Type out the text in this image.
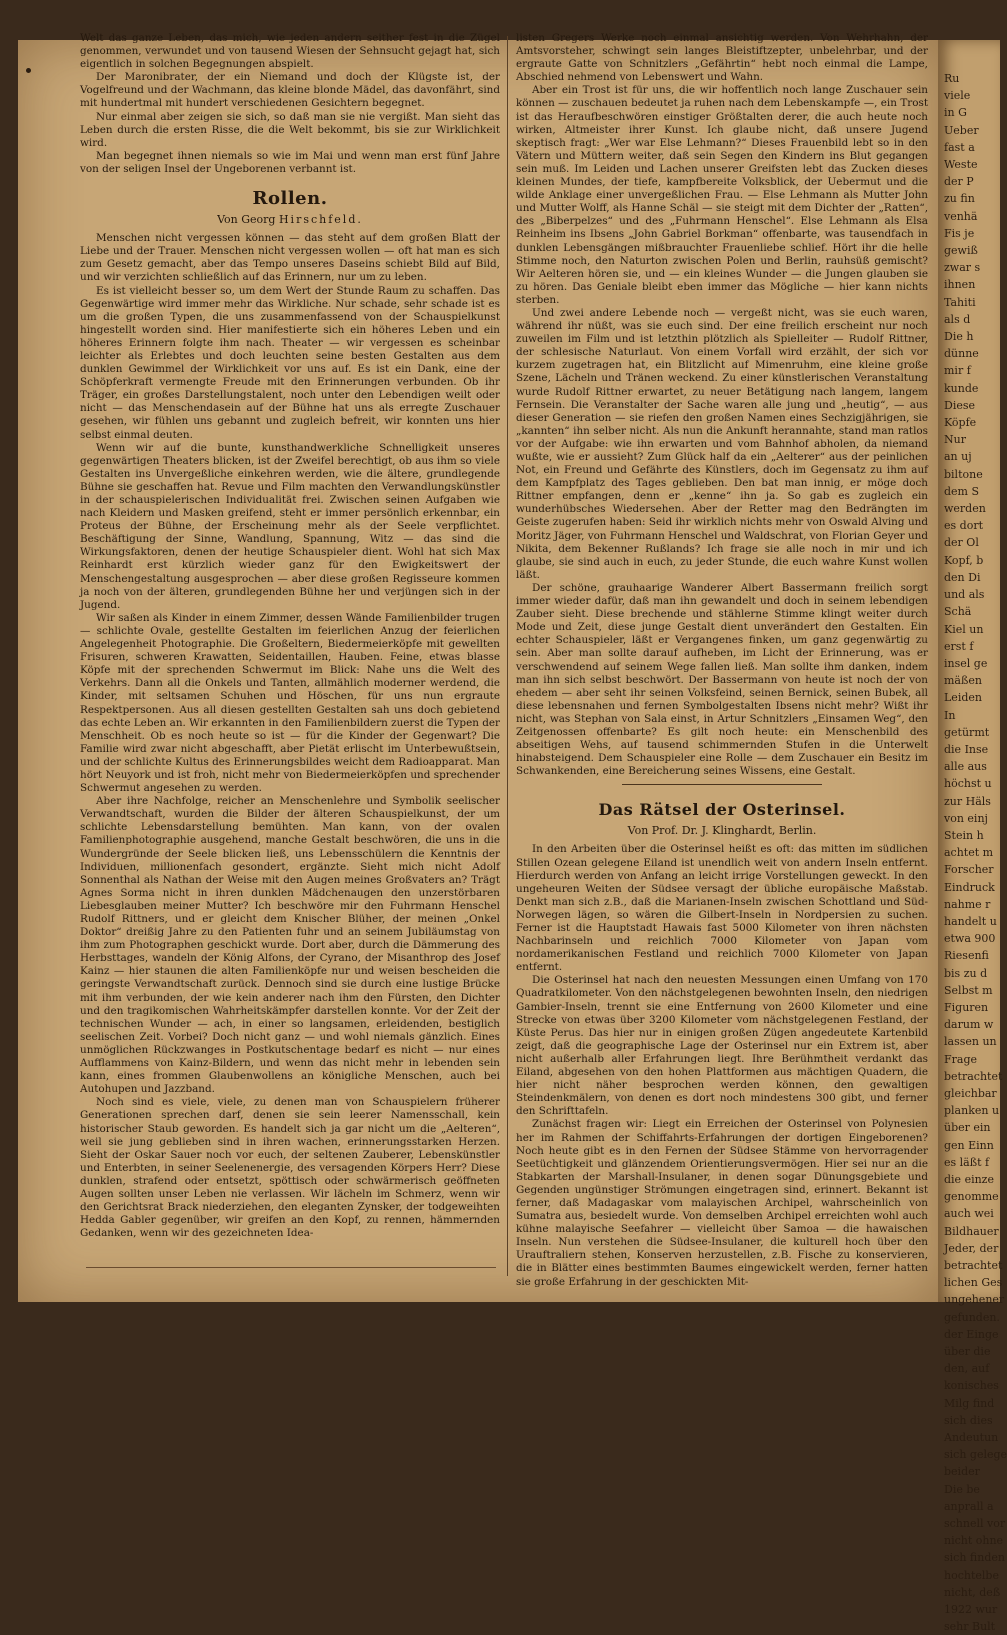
Ru
viele
in G
Ueber
fast a
Weste
der P
zu fin
venhä
Fis je
gewiß
zwar s
ihnen
Tahiti
als d
Die h
dünne
mir f
kunde
Diese
Köpfe
Nur
an uj
biltone
dem S
werden
es dort
der Ol
Kopf, b
den Di
und als
Schä
Kiel un
erst f
insel ge
mäßen
Leiden
In
getürmt
die Inse
alle aus
höchst u
zur Häls
von einj
Stein h
achtet m
Forscher
Eindruck
nahme r
handelt u
etwa 900
Riesenfi
bis zu d
Selbst m
Figuren
darum w
lassen un
Frage
betrachtet
gleichbar
planken u
über ein
gen Einn
es läßt f
die einze
genomme
auch wei
Bildhauer
Jeder, der
betrachtet
lichen Ges
ungehener
gefunden.
der Einge
über die
den, auf
konisches
Milg find
sich dies
Andeutun
sich gelege
beider
Die be
anprall a
schnell vor
nicht ohne
sich finden
hochtelbe
nicht, deß
1922 wur
sehr Bult

Welt das ganze Leben, das mich, wie jeden andern seither fest in die Zügel genommen, verwundet und von tausend Wiesen der Sehnsucht gejagt hat, sich eigentlich in solchen Begegnungen abspielt.

Der Maronibrater, der ein Niemand und doch der Klügste ist, der Vogelfreund und der Wachmann, das kleine blonde Mädel, das davonfährt, sind mit hundertmal mit hundert verschiedenen Gesichtern begegnet.

Nur einmal aber zeigen sie sich, so daß man sie nie vergißt. Man sieht das Leben durch die ersten Risse, die die Welt bekommt, bis sie zur Wirklichkeit wird.

Man begegnet ihnen niemals so wie im Mai und wenn man erst fünf Jahre von der seligen Insel der Ungeborenen verbannt ist.

Rollen.
Von Georg Hirschfeld.

Menschen nicht vergessen können — das steht auf dem großen Blatt der Liebe und der Trauer. Menschen nicht vergessen wollen — oft hat man es sich zum Gesetz gemacht, aber das Tempo unseres Daseins schiebt Bild auf Bild, und wir verzichten schließlich auf das Erinnern, nur um zu leben.

Es ist vielleicht besser so, um dem Wert der Stunde Raum zu schaffen. Das Gegenwärtige wird immer mehr das Wirkliche. Nur schade, sehr schade ist es um die großen Typen, die uns zusammenfassend von der Schauspielkunst hingestellt worden sind. Hier manifestierte sich ein höheres Leben und ein höheres Erinnern folgte ihm nach. Theater — wir vergessen es scheinbar leichter als Erlebtes und doch leuchten seine besten Gestalten aus dem dunklen Gewimmel der Wirklichkeit vor uns auf. Es ist ein Dank, eine der Schöpferkraft vermengte Freude mit den Erinnerungen verbunden. Ob ihr Träger, ein großes Darstellungstalent, noch unter den Lebendigen weilt oder nicht — das Menschendasein auf der Bühne hat uns als erregte Zuschauer gesehen, wir fühlen uns gebannt und zugleich befreit, wir konnten uns hier selbst einmal deuten.

Wenn wir auf die bunte, kunsthandwerkliche Schnelligkeit unseres gegenwärtigen Theaters blicken, ist der Zweifel berechtigt, ob aus ihm so viele Gestalten ins Unvergeßliche einkehren werden, wie die ältere, grundlegende Bühne sie geschaffen hat. Revue und Film machten den Verwandlungskünstler in der schauspielerischen Individualität frei. Zwischen seinen Aufgaben wie nach Kleidern und Masken greifend, steht er immer persönlich erkennbar, ein Proteus der Bühne, der Erscheinung mehr als der Seele verpflichtet. Beschäftigung der Sinne, Wandlung, Spannung, Witz — das sind die Wirkungsfaktoren, denen der heutige Schauspieler dient. Wohl hat sich Max Reinhardt erst kürzlich wieder ganz für den Ewigkeitswert der Menschengestaltung ausgesprochen — aber diese großen Regisseure kommen ja noch von der älteren, grundlegenden Bühne her und verjüngen sich in der Jugend.

Wir saßen als Kinder in einem Zimmer, dessen Wände Familienbilder trugen — schlichte Ovale, gestellte Gestalten im feierlichen Anzug der feierlichen Angelegenheit Photographie. Die Großeltern, Biedermeierköpfe mit gewellten Frisuren, schweren Krawatten, Seidentaillen, Hauben. Feine, etwas blasse Köpfe mit der sprechenden Schwermut im Blick: Nahe uns die Welt des Verkehrs. Dann all die Onkels und Tanten, allmählich moderner werdend, die Kinder, mit seltsamen Schuhen und Höschen, für uns nun ergraute Respektpersonen. Aus all diesen gestellten Gestalten sah uns doch gebietend das echte Leben an. Wir erkannten in den Familienbildern zuerst die Typen der Menschheit. Ob es noch heute so ist — für die Kinder der Gegenwart? Die Familie wird zwar nicht abgeschafft, aber Pietät erlischt im Unterbewußtsein, und der schlichte Kultus des Erinnerungsbildes weicht dem Radioapparat. Man hört Neuyork und ist froh, nicht mehr von Biedermeierköpfen und sprechender Schwermut angesehen zu werden.

Aber ihre Nachfolge, reicher an Menschenlehre und Symbolik seelischer Verwandtschaft, wurden die Bilder der älteren Schauspielkunst, der um schlichte Lebensdarstellung bemühten. Man kann, von der ovalen Familienphotographie ausgehend, manche Gestalt beschwören, die uns in die Wundergründe der Seele blicken ließ, uns Lebensschülern die Kenntnis der Individuen, millionenfach gesondert, ergänzte. Sieht mich nicht Adolf Sonnenthal als Nathan der Weise mit den Augen meines Großvaters an? Trägt Agnes Sorma nicht in ihren dunklen Mädchenaugen den unzerstörbaren Liebesglauben meiner Mutter? Ich beschwöre mir den Fuhrmann Henschel Rudolf Rittners, und er gleicht dem Knischer Blüher, der meinen „Onkel Doktor“ dreißig Jahre zu den Patienten fuhr und an seinem Jubiläumstag von ihm zum Photographen geschickt wurde. Dort aber, durch die Dämmerung des Herbsttages, wandeln der König Alfons, der Cyrano, der Misanthrop des Josef Kainz — hier staunen die alten Familienköpfe nur und weisen bescheiden die geringste Verwandtschaft zurück. Dennoch sind sie durch eine lustige Brücke mit ihm verbunden, der wie kein anderer nach ihm den Fürsten, den Dichter und den tragikomischen Wahrheitskämpfer darstellen konnte. Vor der Zeit der technischen Wunder — ach, in einer so langsamen, erleidenden, bestiglich seelischen Zeit. Vorbei? Doch nicht ganz — und wohl niemals gänzlich. Eines unmöglichen Rückzwanges in Postkutschentage bedarf es nicht — nur eines Aufflammens von Kainz-Bildern, und wenn das nicht mehr in lebenden sein kann, eines frommen Glaubenwollens an königliche Menschen, auch bei Autohupen und Jazzband.

Noch sind es viele, viele, zu denen man von Schauspielern früherer Generationen sprechen darf, denen sie sein leerer Namensschall, kein historischer Staub geworden. Es handelt sich ja gar nicht um die „Aelteren“, weil sie jung geblieben sind in ihren wachen, erinnerungsstarken Herzen. Sieht der Oskar Sauer noch vor euch, der seltenen Zauberer, Lebenskünstler und Enterbten, in seiner Seelenenergie, des versagenden Körpers Herr? Diese dunklen, strafend oder entsetzt, spöttisch oder schwärmerisch geöffneten Augen sollten unser Leben nie verlassen. Wir lächeln im Schmerz, wenn wir den Gerichtsrat Brack niederziehen, den eleganten Zynsker, der todgeweihten Hedda Gabler gegenüber, wir greifen an den Kopf, zu rennen, hämmernden Gedanken, wenn wir des gezeichneten Idea-

listen Gregers Werke noch einmal ansichtig werden. Von Wehrhahn, der Amtsvorsteher, schwingt sein langes Bleistiftzepter, unbelehrbar, und der ergraute Gatte von Schnitzlers „Gefährtin“ hebt noch einmal die Lampe, Abschied nehmend von Lebenswert und Wahn.

Aber ein Trost ist für uns, die wir hoffentlich noch lange Zuschauer sein können — zuschauen bedeutet ja ruhen nach dem Lebenskampfe —, ein Trost ist das Heraufbeschwören einstiger Größtalten derer, die auch heute noch wirken, Altmeister ihrer Kunst. Ich glaube nicht, daß unsere Jugend skeptisch fragt: „Wer war Else Lehmann?“ Dieses Frauenbild lebt so in den Vätern und Müttern weiter, daß sein Segen den Kindern ins Blut gegangen sein muß. Im Leiden und Lachen unserer Greifsten lebt das Zucken dieses kleinen Mundes, der tiefe, kampfbereite Volksblick, der Uebermut und die wilde Anklage einer unvergeßlichen Frau. — Else Lehmann als Mutter John und Mutter Wolff, als Hanne Schäl — sie steigt mit dem Dichter der „Ratten“, des „Biberpelzes“ und des „Fuhrmann Henschel“. Else Lehmann als Elsa Reinheim ins Ibsens „John Gabriel Borkman“ offenbarte, was tausendfach in dunklen Lebensgängen mißbrauchter Frauenliebe schlief. Hört ihr die helle Stimme noch, den Naturton zwischen Polen und Berlin, rauhsüß gemischt? Wir Aelteren hören sie, und — ein kleines Wunder — die Jungen glauben sie zu hören. Das Geniale bleibt eben immer das Mögliche — hier kann nichts sterben.

Und zwei andere Lebende noch — vergeßt nicht, was sie euch waren, während ihr nüßt, was sie euch sind. Der eine freilich erscheint nur noch zuweilen im Film und ist letzthin plötzlich als Spielleiter — Rudolf Rittner, der schlesische Naturlaut. Von einem Vorfall wird erzählt, der sich vor kurzem zugetragen hat, ein Blitzlicht auf Mimenruhm, eine kleine große Szene, Lächeln und Tränen weckend. Zu einer künstlerischen Veranstaltung wurde Rudolf Rittner erwartet, zu neuer Betätigung nach langem, langem Fernsein. Die Veranstalter der Sache waren alle jung und „heutig“, — aus dieser Generation — sie riefen den großen Namen eines Sechzigjährigen, sie „kannten“ ihn selber nicht. Als nun die Ankunft herannahte, stand man ratlos vor der Aufgabe: wie ihn erwarten und vom Bahnhof abholen, da niemand wußte, wie er aussieht? Zum Glück half da ein „Aelterer“ aus der peinlichen Not, ein Freund und Gefährte des Künstlers, doch im Gegensatz zu ihm auf dem Kampfplatz des Tages geblieben. Den bat man innig, er möge doch Rittner empfangen, denn er „kenne“ ihn ja. So gab es zugleich ein wunderhübsches Wiedersehen. Aber der Retter mag den Bedrängten im Geiste zugerufen haben: Seid ihr wirklich nichts mehr von Oswald Alving und Moritz Jäger, von Fuhrmann Henschel und Waldschrat, von Florian Geyer und Nikita, dem Bekenner Rußlands? Ich frage sie alle noch in mir und ich glaube, sie sind auch in euch, zu jeder Stunde, die euch wahre Kunst wollen läßt.

Der schöne, grauhaarige Wanderer Albert Bassermann freilich sorgt immer wieder dafür, daß man ihn gewandelt und doch in seinem lebendigen Zauber sieht. Diese brechende und stählerne Stimme klingt weiter durch Mode und Zeit, diese junge Gestalt dient unverändert den Gestalten. Ein echter Schauspieler, läßt er Vergangenes finken, um ganz gegenwärtig zu sein. Aber man sollte darauf aufheben, im Licht der Erinnerung, was er verschwendend auf seinem Wege fallen ließ. Man sollte ihm danken, indem man ihn sich selbst beschwört. Der Bassermann von heute ist noch der von ehedem — aber seht ihr seinen Volksfeind, seinen Bernick, seinen Bubek, all diese lebensnahen und fernen Symbolgestalten Ibsens nicht mehr? Wißt ihr nicht, was Stephan von Sala einst, in Artur Schnitzlers „Einsamen Weg“, den Zeitgenossen offenbarte? Es gilt noch heute: ein Menschenbild des abseitigen Wehs, auf tausend schimmernden Stufen in die Unterwelt hinabsteigend. Dem Schauspieler eine Rolle — dem Zuschauer ein Besitz im Schwankenden, eine Bereicherung seines Wissens, eine Gestalt.

Das Rätsel der Osterinsel.
Von Prof. Dr. J. Klinghardt, Berlin.

In den Arbeiten über die Osterinsel heißt es oft: das mitten im südlichen Stillen Ozean gelegene Eiland ist unendlich weit von andern Inseln entfernt. Hierdurch werden von Anfang an leicht irrige Vorstellungen geweckt. In den ungeheuren Weiten der Südsee versagt der übliche europäische Maßstab. Denkt man sich z.B., daß die Marianen-Inseln zwischen Schottland und Süd-Norwegen lägen, so wären die Gilbert-Inseln in Nordpersien zu suchen. Ferner ist die Hauptstadt Hawais fast 5000 Kilometer von ihren nächsten Nachbarinseln und reichlich 7000 Kilometer von Japan vom nordamerikanischen Festland und reichlich 7000 Kilometer von Japan entfernt.

Die Osterinsel hat nach den neuesten Messungen einen Umfang von 170 Quadratkilometer. Von den nächstgelegenen bewohnten Inseln, den niedrigen Gambier-Inseln, trennt sie eine Entfernung von 2600 Kilometer und eine Strecke von etwas über 3200 Kilometer vom nächstgelegenen Festland, der Küste Perus. Das hier nur in einigen großen Zügen angedeutete Kartenbild zeigt, daß die geographische Lage der Osterinsel nur ein Extrem ist, aber nicht außerhalb aller Erfahrungen liegt. Ihre Berühmtheit verdankt das Eiland, abgesehen von den hohen Plattformen aus mächtigen Quadern, die hier nicht näher besprochen werden können, den gewaltigen Steindenkmälern, von denen es dort noch mindestens 300 gibt, und ferner den Schrifttafeln.

Zunächst fragen wir: Liegt ein Erreichen der Osterinsel von Polynesien her im Rahmen der Schiffahrts-Erfahrungen der dortigen Eingeborenen? Noch heute gibt es in den Fernen der Südsee Stämme von hervorragender Seetüchtigkeit und glänzendem Orientierungsvermögen. Hier sei nur an die Stabkarten der Marshall-Insulaner, in denen sogar Dünungsgebiete und Gegenden ungünstiger Strömungen eingetragen sind, erinnert. Bekannt ist ferner, daß Madagaskar vom malayischen Archipel, wahrscheinlich von Sumatra aus, besiedelt wurde. Von demselben Archipel erreichten wohl auch kühne malayische Seefahrer — vielleicht über Samoa — die hawaischen Inseln. Nun verstehen die Südsee-Insulaner, die kulturell hoch über den Urauftraliern stehen, Konserven herzustellen, z.B. Fische zu konservieren, die in Blätter eines bestimmten Baumes eingewickelt werden, ferner hatten sie große Erfahrung in der geschickten Mit-
